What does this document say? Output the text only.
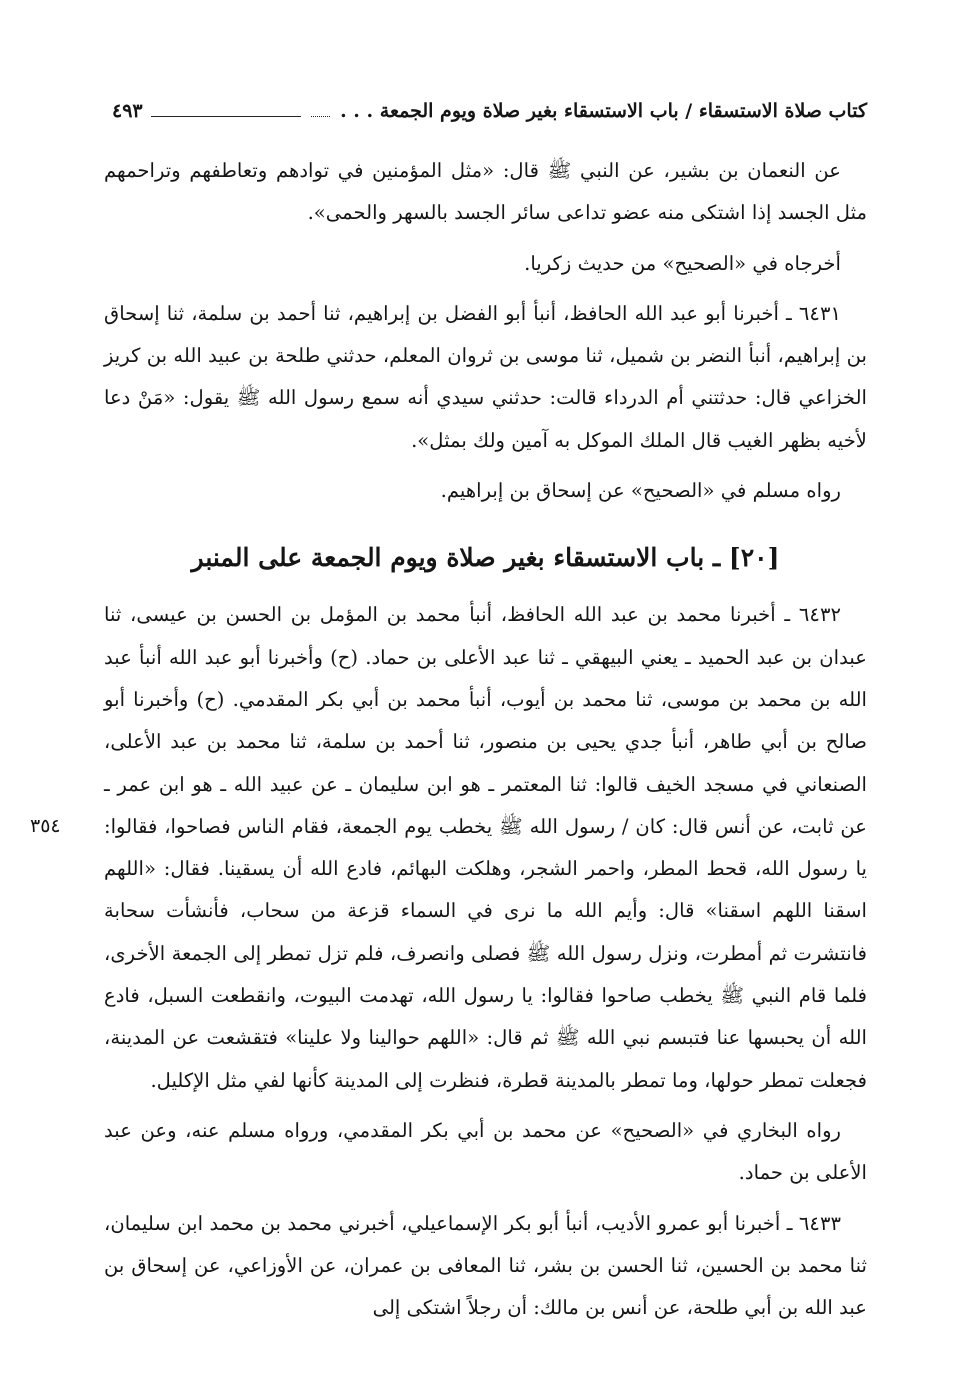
كتاب صلاة الاستسقاء / باب الاستسقاء بغير صلاة ويوم الجمعة . . .
٤٩٣

عن النعمان بن بشير، عن النبي ﷺ قال: «مثل المؤمنين في توادهم وتعاطفهم وتراحمهم مثل الجسد إذا اشتكى منه عضو تداعى سائر الجسد بالسهر والحمى».

أخرجاه في «الصحيح» من حديث زكريا.

٦٤٣١ ـ أخبرنا أبو عبد الله الحافظ، أنبأ أبو الفضل بن إبراهيم، ثنا أحمد بن سلمة، ثنا إسحاق بن إبراهيم، أنبأ النضر بن شميل، ثنا موسى بن ثروان المعلم، حدثني طلحة بن عبيد الله بن كريز الخزاعي قال: حدثتني أم الدرداء قالت: حدثني سيدي أنه سمع رسول الله ﷺ يقول: «مَنْ دعا لأخيه بظهر الغيب قال الملك الموكل به آمين ولك بمثل».

رواه مسلم في «الصحيح» عن إسحاق بن إبراهيم.

[٢٠] ـ باب الاستسقاء بغير صلاة ويوم الجمعة على المنبر

٦٤٣٢ ـ أخبرنا محمد بن عبد الله الحافظ، أنبأ محمد بن المؤمل بن الحسن بن عيسى، ثنا عبدان بن عبد الحميد ـ يعني البيهقي ـ ثنا عبد الأعلى بن حماد. (ح) وأخبرنا أبو عبد الله أنبأ عبد الله بن محمد بن موسى، ثنا محمد بن أيوب، أنبأ محمد بن أبي بكر المقدمي. (ح) وأخبرنا أبو صالح بن أبي طاهر، أنبأ جدي يحيى بن منصور، ثنا أحمد بن سلمة، ثنا محمد بن عبد الأعلى، الصنعاني في مسجد الخيف قالوا: ثنا المعتمر ـ هو ابن سليمان ـ عن عبيد الله ـ هو ابن عمر ـ عن ثابت، عن أنس قال: كان / رسول الله ﷺ يخطب يوم الجمعة، فقام الناس فصاحوا، فقالوا: يا رسول الله، قحط المطر، واحمر الشجر، وهلكت البهائم، فادع الله أن يسقينا. فقال: «اللهم اسقنا اللهم اسقنا» قال: وأيم الله ما نرى في السماء قزعة من سحاب، فأنشأت سحابة فانتشرت ثم أمطرت، ونزل رسول الله ﷺ فصلى وانصرف، فلم تزل تمطر إلى الجمعة الأخرى، فلما قام النبي ﷺ يخطب صاحوا فقالوا: يا رسول الله، تهدمت البيوت، وانقطعت السبل، فادع الله أن يحبسها عنا فتبسم نبي الله ﷺ ثم قال: «اللهم حوالينا ولا علينا» فتقشعت عن المدينة، فجعلت تمطر حولها، وما تمطر بالمدينة قطرة، فنظرت إلى المدينة كأنها لفي مثل الإكليل.

رواه البخاري في «الصحيح» عن محمد بن أبي بكر المقدمي، ورواه مسلم عنه، وعن عبد الأعلى بن حماد.

٦٤٣٣ ـ أخبرنا أبو عمرو الأديب، أنبأ أبو بكر الإسماعيلي، أخبرني محمد بن محمد ابن سليمان، ثنا محمد بن الحسين، ثنا الحسن بن بشر، ثنا المعافى بن عمران، عن الأوزاعي، عن إسحاق بن عبد الله بن أبي طلحة، عن أنس بن مالك: أن رجلاً اشتكى إلى

٣٥٤
